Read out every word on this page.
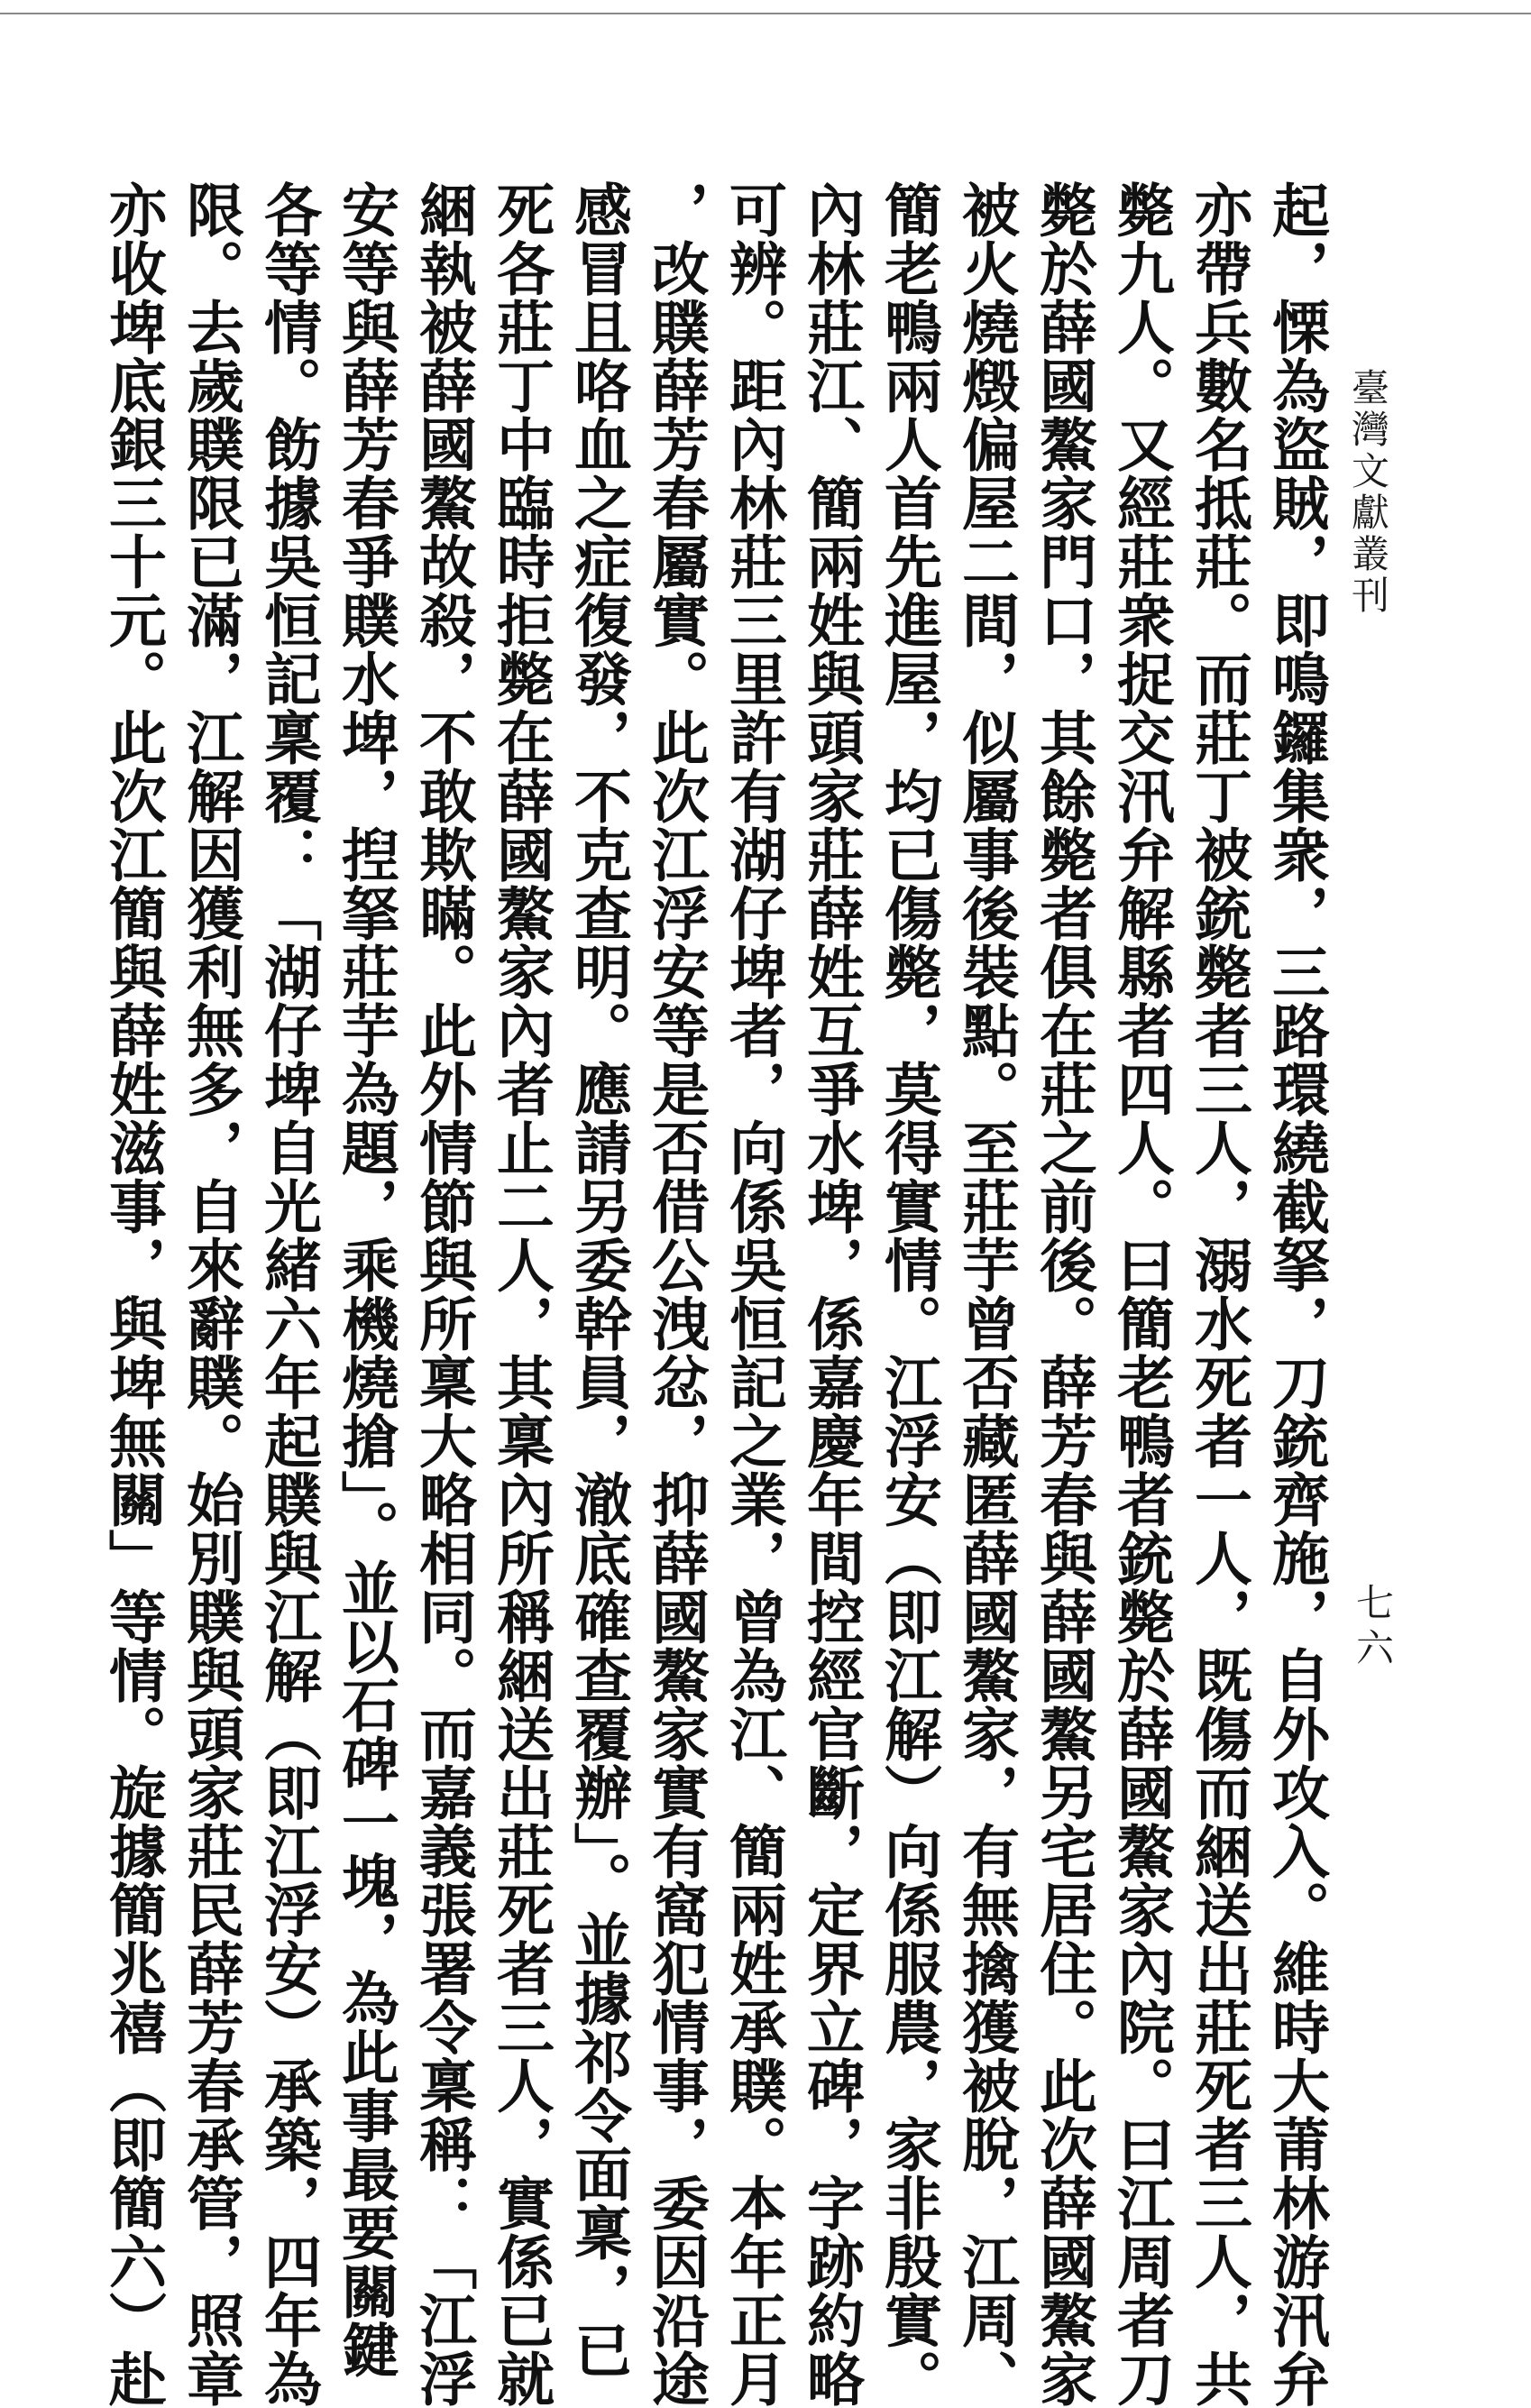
臺灣文獻叢刊
七六
起，慄為盜賊，即鳴鑼集衆，三路環繞截拏，刀銃齊施，自外攻入。維時大莆林游汛弁
亦帶兵數名抵莊。而莊丁被銃斃者三人，溺水死者一人，既傷而綑送出莊死者三人，共
斃九人。又經莊衆捉交汛弁解縣者四人。曰簡老鴨者銃斃於薛國鰲家內院。曰江周者刀
斃於薛國鰲家門口，其餘斃者俱在莊之前後。薛芳春與薛國鰲另宅居住。此次薛國鰲家
被火燒燬偏屋二間，似屬事後裝點。至莊芋曾否藏匿薛國鰲家，有無擒獲被脫，江周、
簡老鴨兩人首先進屋，均已傷斃，莫得實情。江浮安（即江解）向係服農，家非殷實。
內林莊江、簡兩姓與頭家莊薛姓互爭水埤，係嘉慶年間控經官斷，定界立碑，字跡約略
可辨。距內林莊三里許有湖仔埤者，向係吳恒記之業，曾為江、簡兩姓承贌。本年正月
，改贌薛芳春屬實。此次江浮安等是否借公洩忿，抑薛國鰲家實有窩犯情事，委因沿途
感冒且咯血之症復發，不克查明。應請另委幹員，澈底確查覆辦」。並據祁令面稟，已
死各莊丁中臨時拒斃在薛國鰲家內者止二人，其稟內所稱綑送出莊死者三人，實係已就
綑執被薛國鰲故殺，不敢欺瞞。此外情節與所稟大略相同。而嘉義張署令稟稱：「江浮
安等與薛芳春爭贌水埤，揑拏莊芋為題，乘機燒搶」。並以石碑一塊，為此事最要關鍵
各等情。飭據吳恒記稟覆：「湖仔埤自光緒六年起贌與江解（即江浮安）承築，四年為
限。去歲贌限已滿，江解因獲利無多，自來辭贌。始別贌與頭家莊民薛芳春承管，照章
亦收埤底銀三十元。此次江簡與薛姓滋事，與埤無關」等情。旋據簡兆禧（即簡六）赴
